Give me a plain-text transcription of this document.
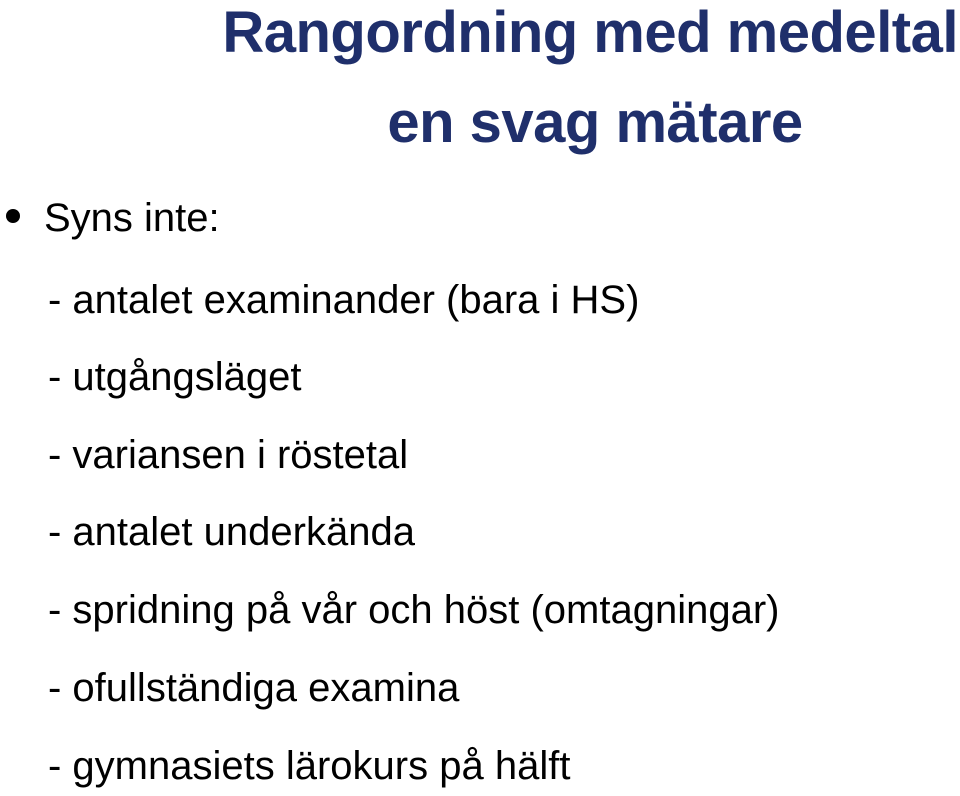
Rangordning med medeltal
en svag mätare
Syns inte:
- antalet examinander (bara i HS)
- utgångsläget
- variansen i röstetal
- antalet underkända
- spridning på vår och höst (omtagningar)
- ofullständiga examina
- gymnasiets lärokurs på hälft
